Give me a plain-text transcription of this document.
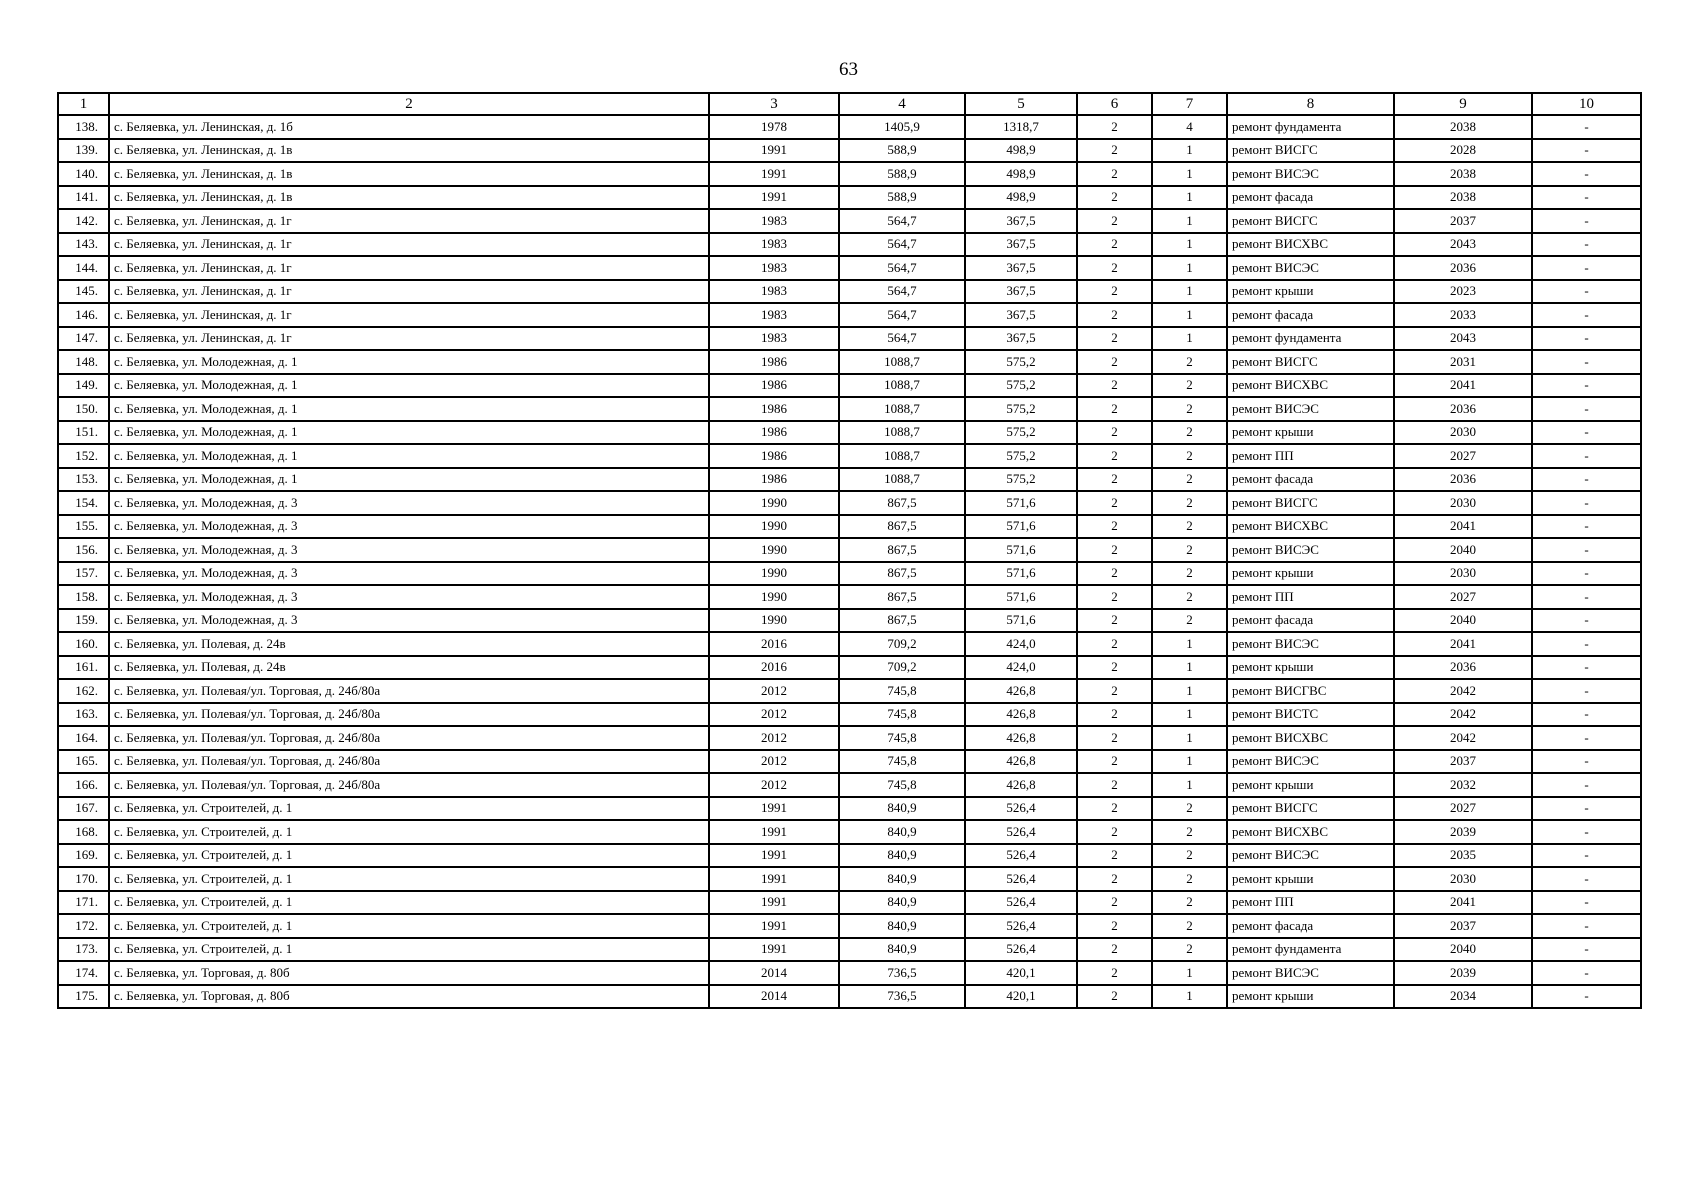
63
1	2	3	4	5	6	7	8	9	10
138.	с. Беляевка, ул. Ленинская, д. 1б	1978	1405,9	1318,7	2	4	ремонт фундамента	2038	-
139.	с. Беляевка, ул. Ленинская, д. 1в	1991	588,9	498,9	2	1	ремонт ВИСГС	2028	-
140.	с. Беляевка, ул. Ленинская, д. 1в	1991	588,9	498,9	2	1	ремонт ВИСЭС	2038	-
141.	с. Беляевка, ул. Ленинская, д. 1в	1991	588,9	498,9	2	1	ремонт фасада	2038	-
142.	с. Беляевка, ул. Ленинская, д. 1г	1983	564,7	367,5	2	1	ремонт ВИСГС	2037	-
143.	с. Беляевка, ул. Ленинская, д. 1г	1983	564,7	367,5	2	1	ремонт ВИСХВС	2043	-
144.	с. Беляевка, ул. Ленинская, д. 1г	1983	564,7	367,5	2	1	ремонт ВИСЭС	2036	-
145.	с. Беляевка, ул. Ленинская, д. 1г	1983	564,7	367,5	2	1	ремонт крыши	2023	-
146.	с. Беляевка, ул. Ленинская, д. 1г	1983	564,7	367,5	2	1	ремонт фасада	2033	-
147.	с. Беляевка, ул. Ленинская, д. 1г	1983	564,7	367,5	2	1	ремонт фундамента	2043	-
148.	с. Беляевка, ул. Молодежная, д. 1	1986	1088,7	575,2	2	2	ремонт ВИСГС	2031	-
149.	с. Беляевка, ул. Молодежная, д. 1	1986	1088,7	575,2	2	2	ремонт ВИСХВС	2041	-
150.	с. Беляевка, ул. Молодежная, д. 1	1986	1088,7	575,2	2	2	ремонт ВИСЭС	2036	-
151.	с. Беляевка, ул. Молодежная, д. 1	1986	1088,7	575,2	2	2	ремонт крыши	2030	-
152.	с. Беляевка, ул. Молодежная, д. 1	1986	1088,7	575,2	2	2	ремонт ПП	2027	-
153.	с. Беляевка, ул. Молодежная, д. 1	1986	1088,7	575,2	2	2	ремонт фасада	2036	-
154.	с. Беляевка, ул. Молодежная, д. 3	1990	867,5	571,6	2	2	ремонт ВИСГС	2030	-
155.	с. Беляевка, ул. Молодежная, д. 3	1990	867,5	571,6	2	2	ремонт ВИСХВС	2041	-
156.	с. Беляевка, ул. Молодежная, д. 3	1990	867,5	571,6	2	2	ремонт ВИСЭС	2040	-
157.	с. Беляевка, ул. Молодежная, д. 3	1990	867,5	571,6	2	2	ремонт крыши	2030	-
158.	с. Беляевка, ул. Молодежная, д. 3	1990	867,5	571,6	2	2	ремонт ПП	2027	-
159.	с. Беляевка, ул. Молодежная, д. 3	1990	867,5	571,6	2	2	ремонт фасада	2040	-
160.	с. Беляевка, ул. Полевая, д. 24в	2016	709,2	424,0	2	1	ремонт ВИСЭС	2041	-
161.	с. Беляевка, ул. Полевая, д. 24в	2016	709,2	424,0	2	1	ремонт крыши	2036	-
162.	с. Беляевка, ул. Полевая/ул. Торговая, д. 24б/80а	2012	745,8	426,8	2	1	ремонт ВИСГВС	2042	-
163.	с. Беляевка, ул. Полевая/ул. Торговая, д. 24б/80а	2012	745,8	426,8	2	1	ремонт ВИСТС	2042	-
164.	с. Беляевка, ул. Полевая/ул. Торговая, д. 24б/80а	2012	745,8	426,8	2	1	ремонт ВИСХВС	2042	-
165.	с. Беляевка, ул. Полевая/ул. Торговая, д. 24б/80а	2012	745,8	426,8	2	1	ремонт ВИСЭС	2037	-
166.	с. Беляевка, ул. Полевая/ул. Торговая, д. 24б/80а	2012	745,8	426,8	2	1	ремонт крыши	2032	-
167.	с. Беляевка, ул. Строителей, д. 1	1991	840,9	526,4	2	2	ремонт ВИСГС	2027	-
168.	с. Беляевка, ул. Строителей, д. 1	1991	840,9	526,4	2	2	ремонт ВИСХВС	2039	-
169.	с. Беляевка, ул. Строителей, д. 1	1991	840,9	526,4	2	2	ремонт ВИСЭС	2035	-
170.	с. Беляевка, ул. Строителей, д. 1	1991	840,9	526,4	2	2	ремонт крыши	2030	-
171.	с. Беляевка, ул. Строителей, д. 1	1991	840,9	526,4	2	2	ремонт ПП	2041	-
172.	с. Беляевка, ул. Строителей, д. 1	1991	840,9	526,4	2	2	ремонт фасада	2037	-
173.	с. Беляевка, ул. Строителей, д. 1	1991	840,9	526,4	2	2	ремонт фундамента	2040	-
174.	с. Беляевка, ул. Торговая, д. 80б	2014	736,5	420,1	2	1	ремонт ВИСЭС	2039	-
175.	с. Беляевка, ул. Торговая, д. 80б	2014	736,5	420,1	2	1	ремонт крыши	2034	-
